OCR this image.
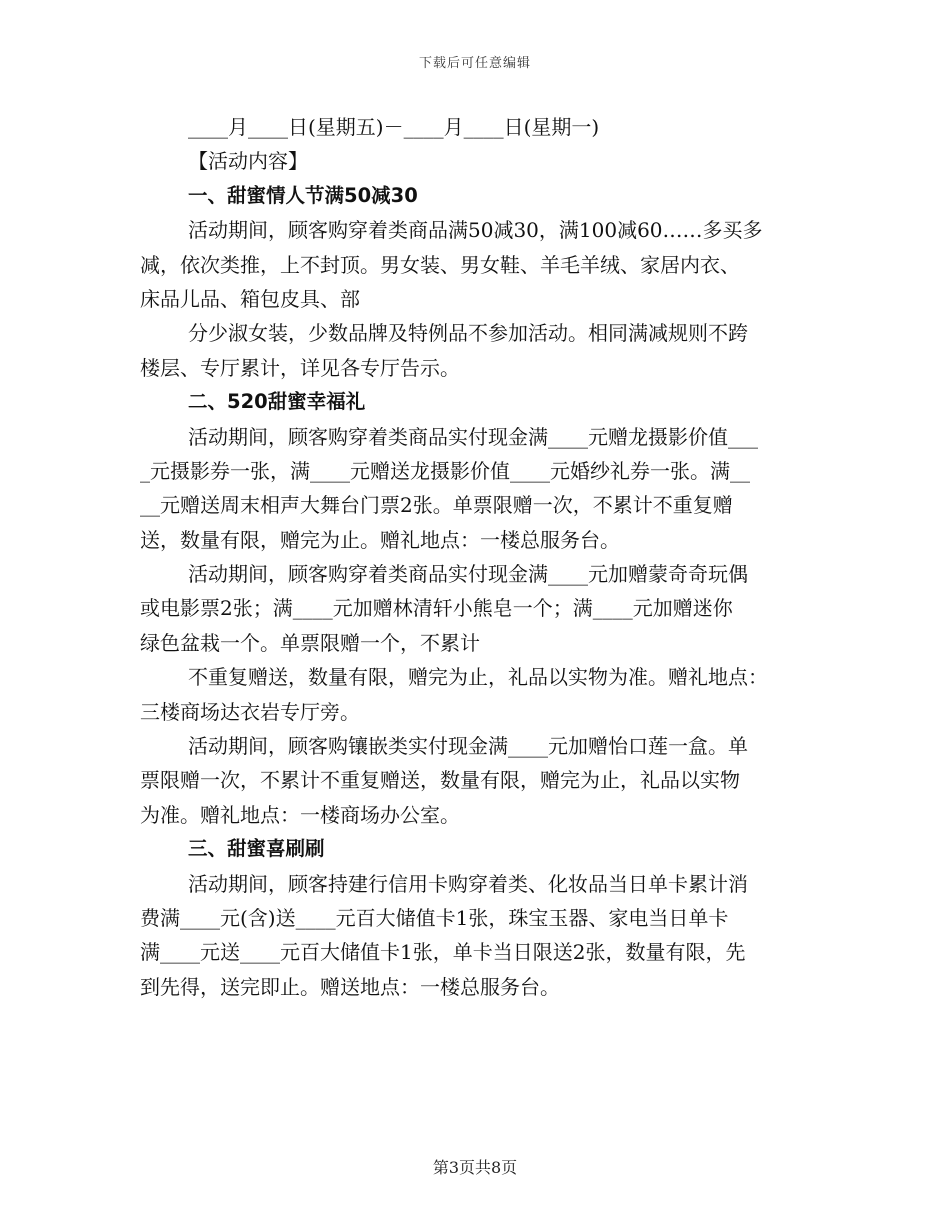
下载后可任意编辑
____月____日(星期五)－____月____日(星期一)
【活动内容】
一、甜蜜情人节满50减30
活动期间，顾客购穿着类商品满50减30，满100减60……多买多
减，依次类推，上不封顶。男女装、男女鞋、羊毛羊绒、家居内衣、
床品儿品、箱包皮具、部
分少淑女装，少数品牌及特例品不参加活动。相同满减规则不跨
楼层、专厅累计，详见各专厅告示。
二、520甜蜜幸福礼
活动期间，顾客购穿着类商品实付现金满____元赠龙摄影价值___
_元摄影券一张，满____元赠送龙摄影价值____元婚纱礼券一张。满__
__元赠送周末相声大舞台门票2张。单票限赠一次，不累计不重复赠
送，数量有限，赠完为止。赠礼地点：一楼总服务台。
活动期间，顾客购穿着类商品实付现金满____元加赠蒙奇奇玩偶
或电影票2张；满____元加赠林清轩小熊皂一个；满____元加赠迷你
绿色盆栽一个。单票限赠一个，不累计
不重复赠送，数量有限，赠完为止，礼品以实物为准。赠礼地点：
三楼商场达衣岩专厅旁。
活动期间，顾客购镶嵌类实付现金满____元加赠怡口莲一盒。单
票限赠一次，不累计不重复赠送，数量有限，赠完为止，礼品以实物
为准。赠礼地点：一楼商场办公室。
三、甜蜜喜刷刷
活动期间，顾客持建行信用卡购穿着类、化妆品当日单卡累计消
费满____元(含)送____元百大储值卡1张，珠宝玉器、家电当日单卡
满____元送____元百大储值卡1张，单卡当日限送2张，数量有限，先
到先得，送完即止。赠送地点：一楼总服务台。
第3页共8页
